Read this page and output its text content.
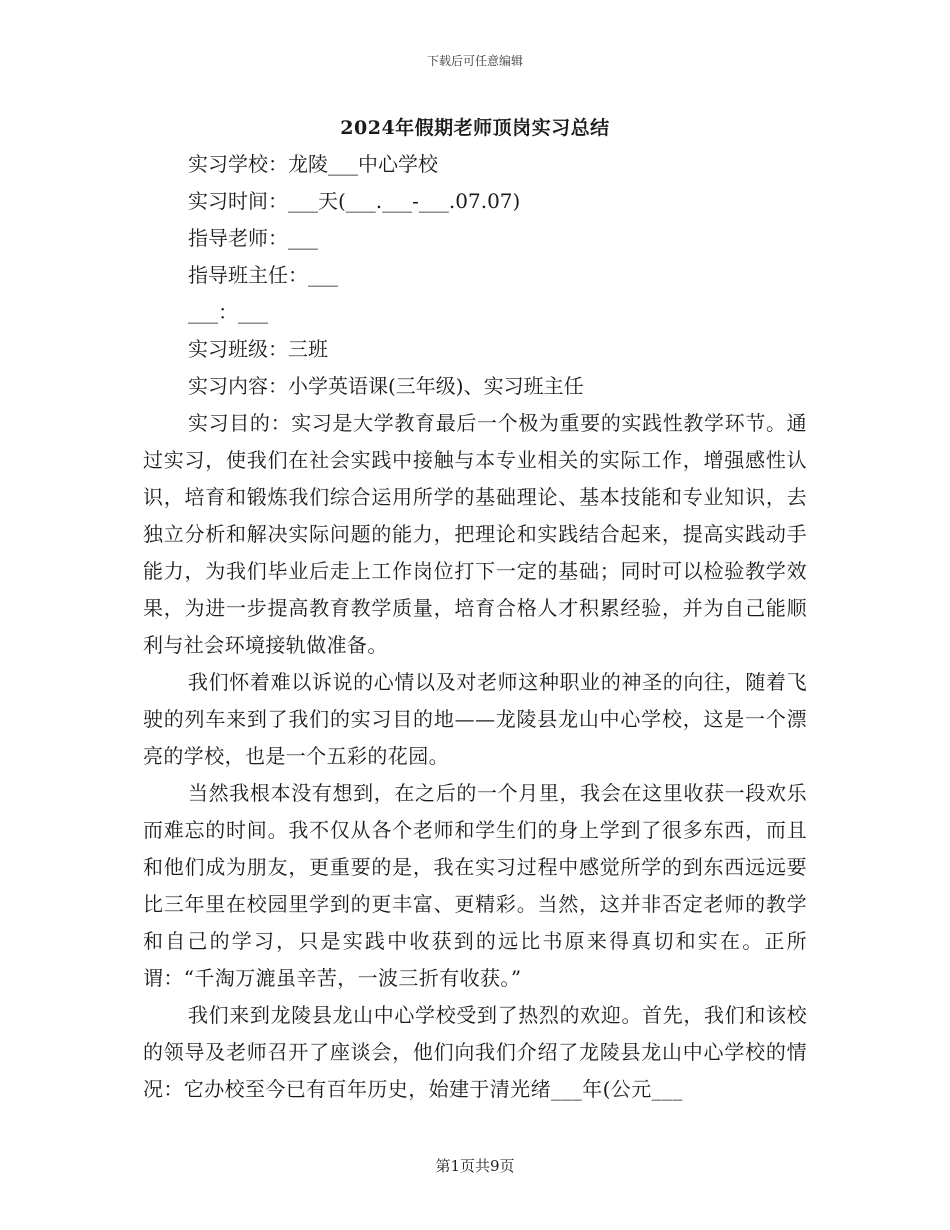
下载后可任意编辑
2024年假期老师顶岗实习总结
实习学校：龙陵___中心学校
实习时间：___天(___.___-___.07.07)
指导老师：___
指导班主任：___
___：___
实习班级：三班
实习内容：小学英语课(三年级)、实习班主任

实习目的：实习是大学教育最后一个极为重要的实践性教学环节。通过实习，使我们在社会实践中接触与本专业相关的实际工作，增强感性认识，培育和锻炼我们综合运用所学的基础理论、基本技能和专业知识，去独立分析和解决实际问题的能力，把理论和实践结合起来，提高实践动手能力，为我们毕业后走上工作岗位打下一定的基础；同时可以检验教学效果，为进一步提高教育教学质量，培育合格人才积累经验，并为自己能顺利与社会环境接轨做准备。

我们怀着难以诉说的心情以及对老师这种职业的神圣的向往，随着飞驶的列车来到了我们的实习目的地——龙陵县龙山中心学校，这是一个漂亮的学校，也是一个五彩的花园。

当然我根本没有想到，在之后的一个月里，我会在这里收获一段欢乐而难忘的时间。我不仅从各个老师和学生们的身上学到了很多东西，而且和他们成为朋友，更重要的是，我在实习过程中感觉所学的到东西远远要比三年里在校园里学到的更丰富、更精彩。当然，这并非否定老师的教学和自己的学习，只是实践中收获到的远比书原来得真切和实在。正所谓：“千淘万漉虽辛苦，一波三折有收获。”

我们来到龙陵县龙山中心学校受到了热烈的欢迎。首先，我们和该校的领导及老师召开了座谈会，他们向我们介绍了龙陵县龙山中心学校的情况：它办校至今已有百年历史，始建于清光绪___年(公元___

第1页共9页
